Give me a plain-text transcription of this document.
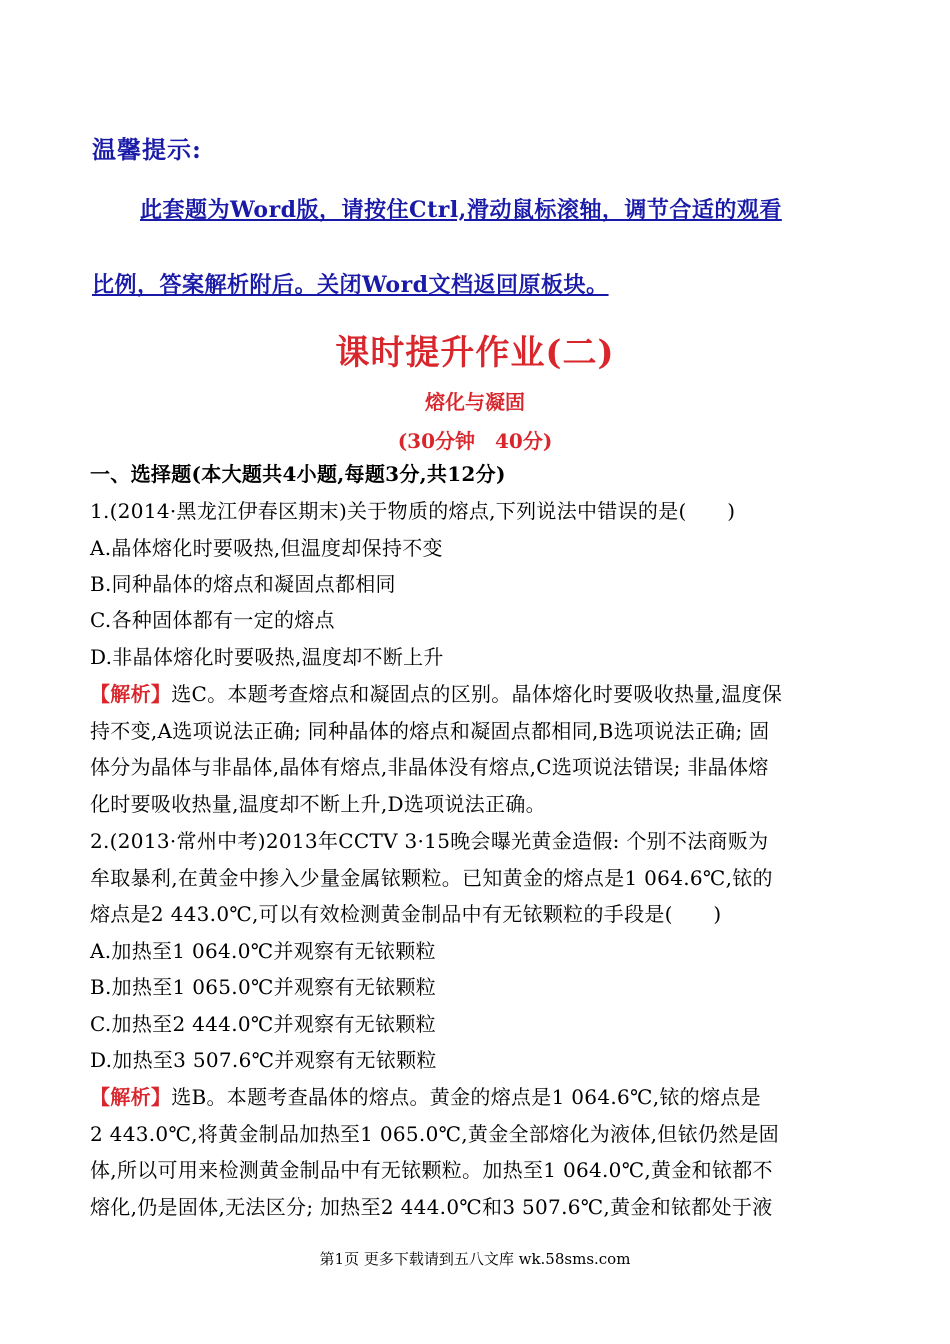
温馨提示:
此套题为Word版，请按住Ctrl,滑动鼠标滚轴，调节合适的观看
比例，答案解析附后。关闭Word文档返回原板块。
课时提升作业(二)
熔化与凝固
(30分钟　40分)
一、选择题(本大题共4小题,每题3分,共12分)
1.(2014·黑龙江伊春区期末)关于物质的熔点,下列说法中错误的是(　　)
A.晶体熔化时要吸热,但温度却保持不变
B.同种晶体的熔点和凝固点都相同
C.各种固体都有一定的熔点
D.非晶体熔化时要吸热,温度却不断上升
【解析】选C。本题考查熔点和凝固点的区别。晶体熔化时要吸收热量,温度保
持不变,A选项说法正确; 同种晶体的熔点和凝固点都相同,B选项说法正确; 固
体分为晶体与非晶体,晶体有熔点,非晶体没有熔点,C选项说法错误; 非晶体熔
化时要吸收热量,温度却不断上升,D选项说法正确。
2.(2013·常州中考)2013年CCTV 3·15晚会曝光黄金造假: 个别不法商贩为
牟取暴利,在黄金中掺入少量金属铱颗粒。已知黄金的熔点是1 064.6℃,铱的
熔点是2 443.0℃,可以有效检测黄金制品中有无铱颗粒的手段是(　　)
A.加热至1 064.0℃并观察有无铱颗粒
B.加热至1 065.0℃并观察有无铱颗粒
C.加热至2 444.0℃并观察有无铱颗粒
D.加热至3 507.6℃并观察有无铱颗粒
【解析】选B。本题考查晶体的熔点。黄金的熔点是1 064.6℃,铱的熔点是
2 443.0℃,将黄金制品加热至1 065.0℃,黄金全部熔化为液体,但铱仍然是固
体,所以可用来检测黄金制品中有无铱颗粒。加热至1 064.0℃,黄金和铱都不
熔化,仍是固体,无法区分; 加热至2 444.0℃和3 507.6℃,黄金和铱都处于液
第1页 更多下载请到五八文库 wk.58sms.com
